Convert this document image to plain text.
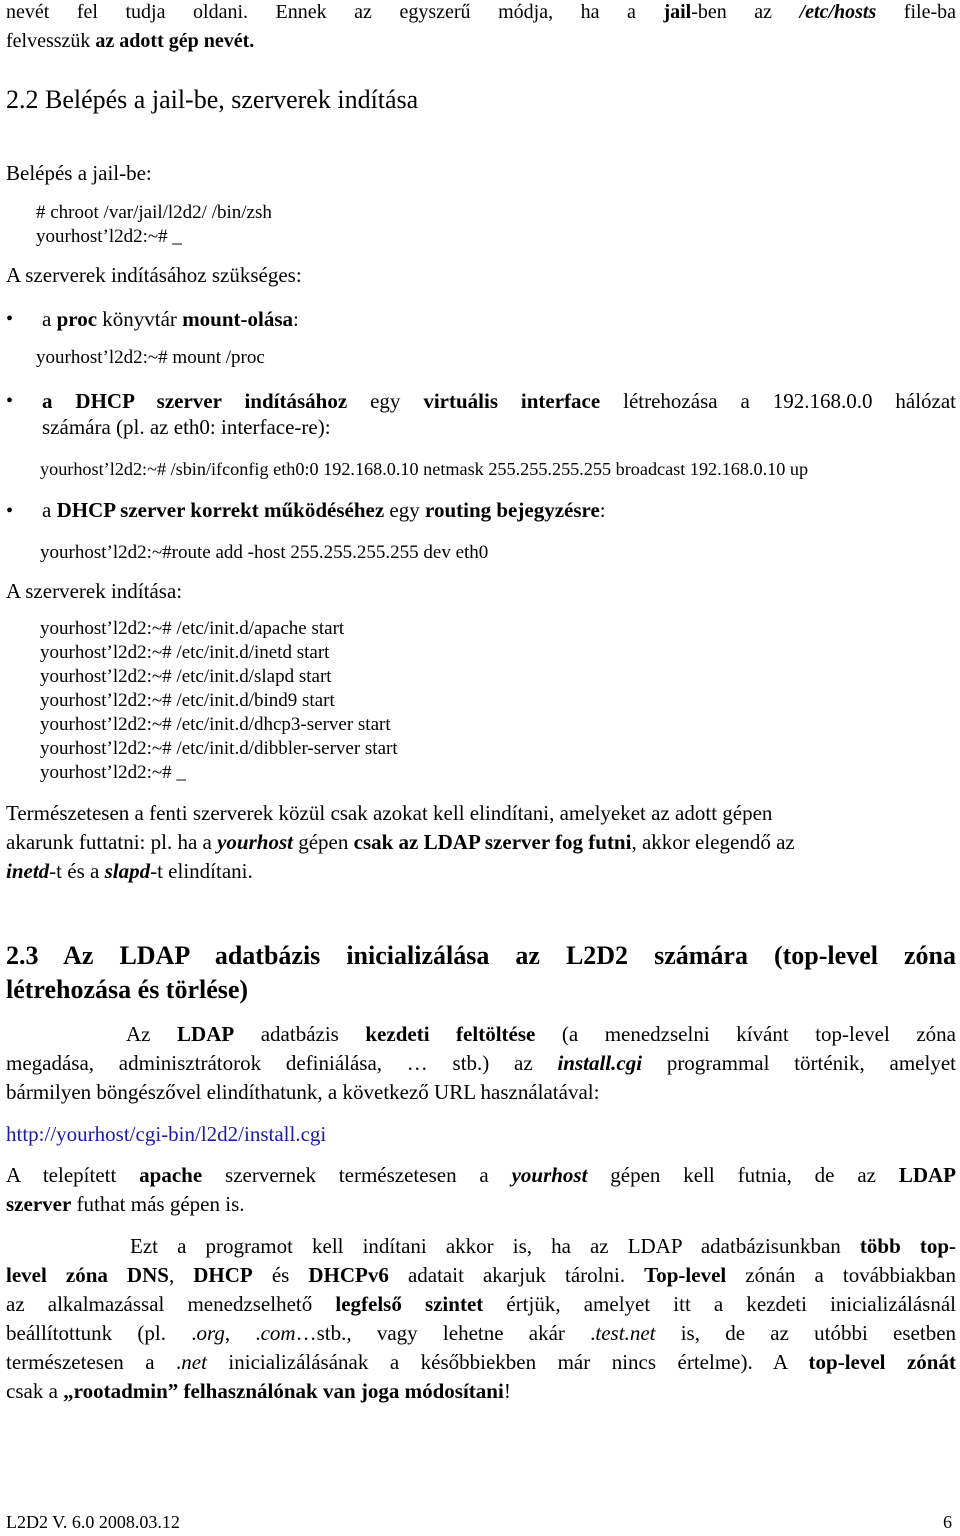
nevét fel tudja oldani. Ennek az egyszerű módja, ha a jail-ben az /etc/hosts file-ba
felvesszük az adott gép nevét.
2.2 Belépés a jail-be, szerverek indítása
Belépés a jail-be:
# chroot /var/jail/l2d2/ /bin/zsh
yourhost’l2d2:~# _
A szerverek indításához szükséges:
• a proc könyvtár mount-olása:
yourhost’l2d2:~# mount /proc
• a DHCP szerver indításához egy virtuális interface létrehozása a 192.168.0.0 hálózat
számára (pl. az eth0: interface-re):
yourhost’l2d2:~# /sbin/ifconfig eth0:0 192.168.0.10 netmask 255.255.255.255 broadcast 192.168.0.10 up
• a DHCP szerver korrekt működéséhez egy routing bejegyzésre:
yourhost’l2d2:~#route add -host 255.255.255.255 dev eth0
A szerverek indítása:
yourhost’l2d2:~# /etc/init.d/apache start
yourhost’l2d2:~# /etc/init.d/inetd start
yourhost’l2d2:~# /etc/init.d/slapd start
yourhost’l2d2:~# /etc/init.d/bind9 start
yourhost’l2d2:~# /etc/init.d/dhcp3-server start
yourhost’l2d2:~# /etc/init.d/dibbler-server start
yourhost’l2d2:~# _
Természetesen a fenti szerverek közül csak azokat kell elindítani, amelyeket az adott gépen
akarunk futtatni: pl. ha a yourhost gépen csak az LDAP szerver fog futni, akkor elegendő az
inetd-t és a slapd-t elindítani.
2.3 Az LDAP adatbázis inicializálása az L2D2 számára (top-level zóna
létrehozása és törlése)
Az LDAP adatbázis kezdeti feltöltése (a menedzselni kívánt top-level zóna
megadása, adminisztrátorok definiálása, … stb.) az install.cgi programmal történik, amelyet
bármilyen böngészővel elindíthatunk, a következő URL használatával:
http://yourhost/cgi-bin/l2d2/install.cgi
A telepített apache szervernek természetesen a yourhost gépen kell futnia, de az LDAP
szerver futhat más gépen is.
Ezt a programot kell indítani akkor is, ha az LDAP adatbázisunkban több top-
level zóna DNS, DHCP és DHCPv6 adatait akarjuk tárolni. Top-level zónán a továbbiakban
az alkalmazással menedzselhető legfelső szintet értjük, amelyet itt a kezdeti inicializálásnál
beállítottunk (pl. .org, .com…stb., vagy lehetne akár .test.net is, de az utóbbi esetben
természetesen a .net inicializálásának a későbbiekben már nincs értelme). A top-level zónát
csak a „rootadmin” felhasználónak van joga módosítani!
L2D2 V. 6.0 2008.03.12	6
